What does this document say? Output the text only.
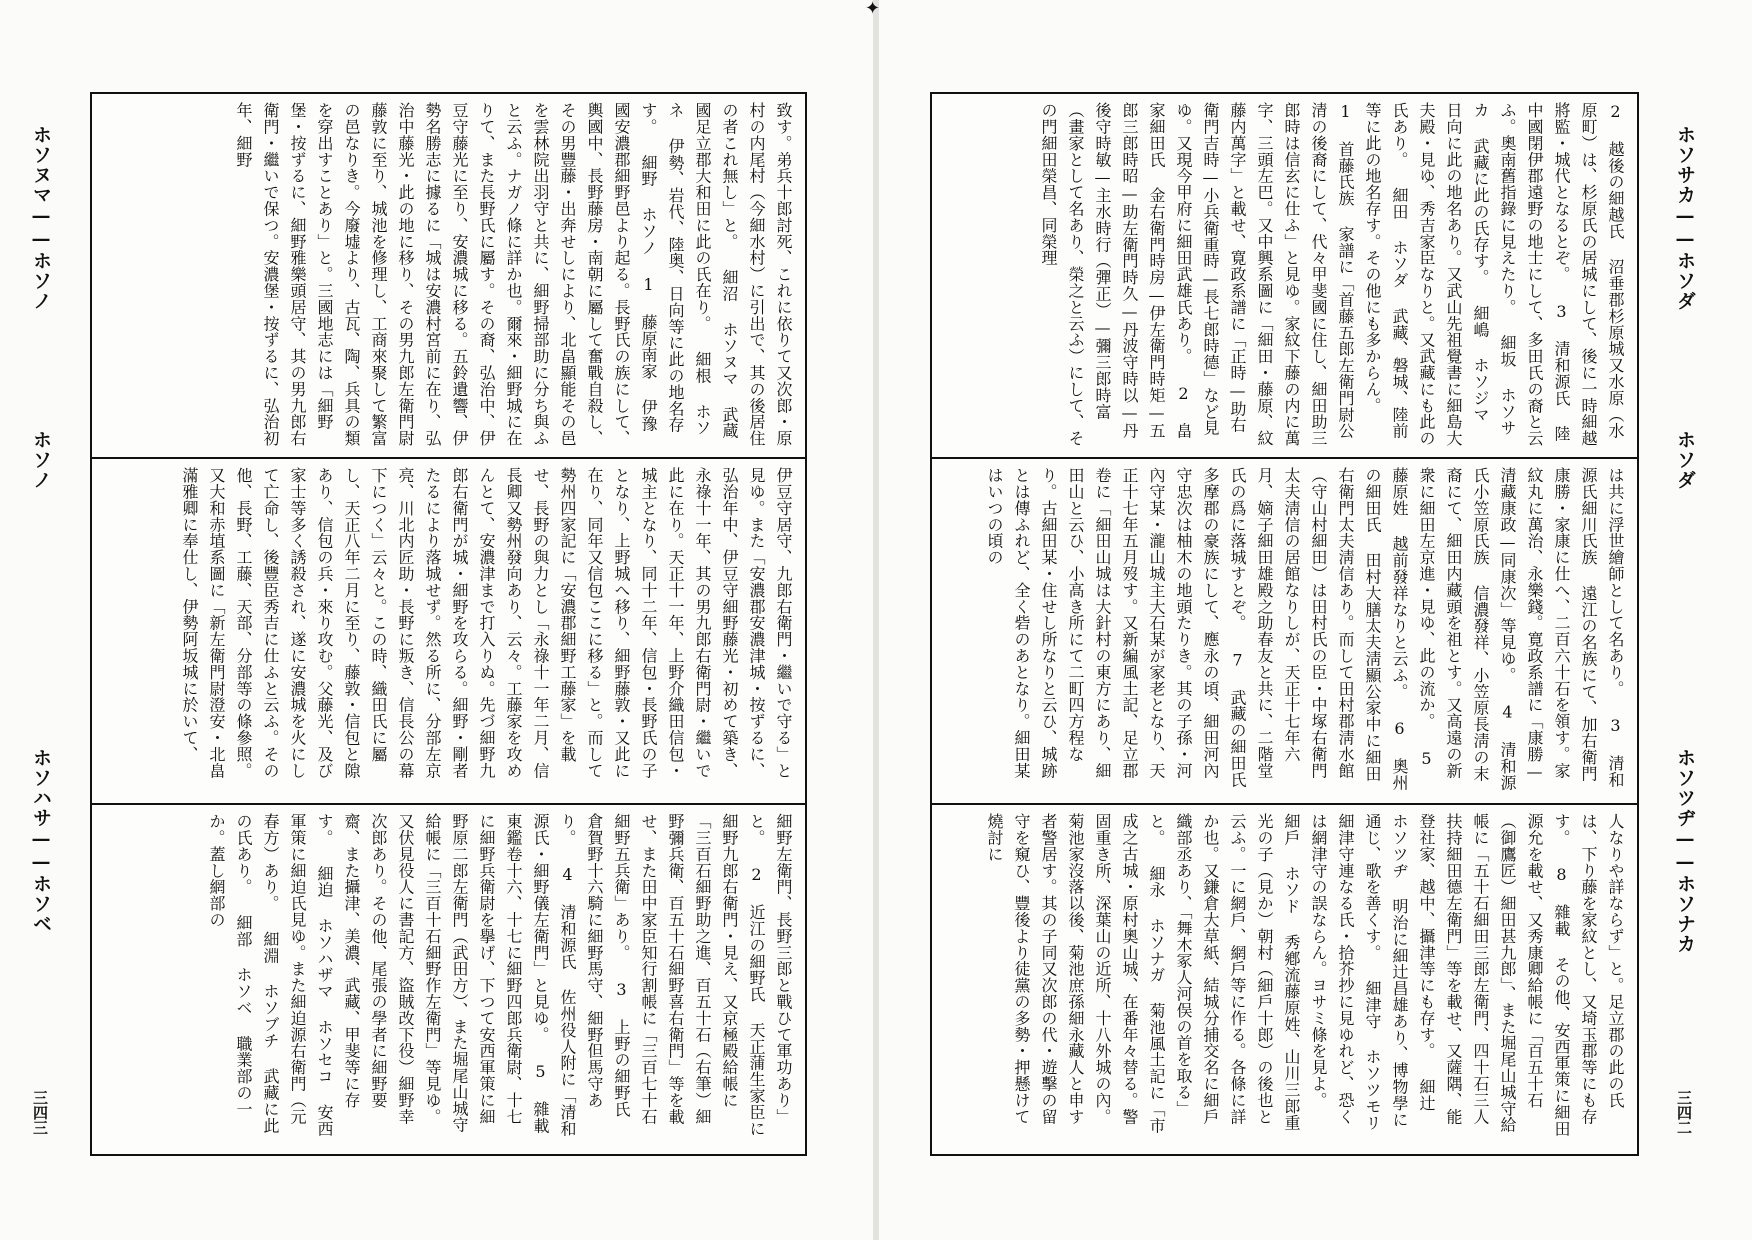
✦
ホソヌマ——ホソノ
ホソノ
ホソハサ——ホソベ
三四三
致す。弟兵十郎討死、これに依りて又次郎・原村の内尾村（今細水村）に引出で、其の後居住の者これ無し」と。 細沼 ホソヌマ 武蔵國足立郡大和田に此の氏在り。 細根 ホソネ 伊勢、岩代、陸奥、日向等に此の地名存す。 細野 ホソノ 1 藤原南家 伊豫國安濃郡細野邑より起る。長野氏の族にして、輿國中、長野藤房・南朝に屬して奮戰自殺し、その男豐藤・出奔せしにより、北畠顯能その邑を雲林院出羽守と共に、細野掃部助に分ち與ふと云ふ。ナガノ條に詳か也。爾來・細野城に在りて、また長野氏に屬す。その裔、弘治中、伊豆守藤光に至り、安濃城に移る。五鈴遺響、伊勢名勝志に據るに「城は安濃村宮前に在り、弘治中藤光・此の地に移り、その男九郎左衛門尉藤敦に至り、城池を修理し、工商來聚して繁富の邑なりき。今廢墟より、古瓦、陶、兵具の類を穿出すことあり」と。三國地志には「細野堡・按ずるに、細野雅樂頭居守、其の男九郎右衛門・繼いで保つ。安濃堡・按ずるに、弘治初年、細野
伊豆守居守、九郎右衛門・繼いで守る」と見ゆ。また「安濃郡安濃津城・按ずるに、弘治年中、伊豆守細野藤光・初めて築き、永祿十一年、其の男九郎右衛門尉・繼いで此に在り。天正十一年、上野介織田信包・城主となり、同十二年、信包・長野氏の子となり、上野城へ移り、細野藤敦・又此に在り、同年又信包ここに移る」と。而して勢州四家記に「安濃郡細野工藤家」を載せ、長野の與力とし「永祿十一年二月、信長卿又勢州發向あり、云々。工藤家を攻めんとて、安濃津まで打入りぬ。先づ細野九郎右衛門が城・細野を攻らる。細野・剛者たるにより落城せず。然る所に、分部左京亮、川北内匠助・長野に叛き、信長公の幕下につく」云々と。この時、織田氏に屬し、天正八年二月に至り、藤敦・信包と隙あり、信包の兵・來り攻む。父藤光、及び家士等多く誘殺され、遂に安濃城を火にして亡命し、後豐臣秀吉に仕ふと云ふ。その他、長野、工藤、天部、分部等の條參照。又大和赤埴系圖に「新左衛門尉澄安・北畠滿雅卿に奉仕し、伊勢阿坂城に於いて、
細野左衛門、長野三郎と戰ひて軍功あり」と。 2 近江の細野氏 天正蒲生家臣に細野九郎右衛門・見え、又京極殿給帳に「三百石細野助之進、百五十石（右筆）細野彌兵衛、百五十石細野喜右衛門」等を載せ、また田中家臣知行割帳に「三百七十石細野五兵衛」あり。 3 上野の細野氏 倉賀野十六騎に細野馬守、細野但馬守あり。 4 清和源氏 佐州役人附に「清和源氏・細野儀左衛門」と見ゆ。 5 雜載 東鑑卷十六、十七に細野四郎兵衛尉、十七に細野兵衛尉を擧げ、下つて安西軍策に細野原二郎左衛門（武田方）、また堀尾山城守給帳に「三百十石細野作左衛門」等見ゆ。又伏見役人に書記方、盜賊改下役）細野幸次郎あり。その他、尾張の學者に細野要齋、また攝津、美濃、武藏、甲斐等に存す。 細迫 ホソハザマ ホソセコ 安西軍策に細迫氏見ゆ。また細迫源右衛門（元春方）あり。 細淵 ホソブチ 武藏に此の氏あり。 細部 ホソベ 職業部の一か。蓋し網部の
2 越後の細越氏 沼垂郡杉原城又水原（水原町）は、杉原氏の居城にして、後に一時細越將監・城代となるとぞ。 3 清和源氏 陸中國閉伊郡遠野の地士にして、多田氏の裔と云ふ。奧南舊指錄に見えたり。 細坂 ホソサカ 武藏に此の氏存す。 細嶋 ホソジマ 日向に此の地名あり。又武山先祖覺書に細島大夫殿・見ゆ、秀吉家臣なりと。又武藏にも此の氏あり。 細田 ホソダ 武藏、磐城、陸前等に此の地名存す。その他にも多からん。 1 首藤氏族 家譜に「首藤五郎左衛門尉公清の後裔にして、代々甲斐國に住し、細田助三郎時は信玄に仕ふ」と見ゆ。家紋下藤の内に萬字、三頭左巴。又中興系圖に「細田・藤原、紋藤内萬字」と載せ、寛政系譜に「正時—助右衛門吉時—小兵衛重時—長七郎時德」など見ゆ。又現今甲府に細田武雄氏あり。 2 畠家細田氏 金右衛門時房—伊左衛門時矩—五郎三郎時昭—助左衛門時久—丹波守時以—丹後守時敏—主水時行（彈正）—彌三郎時富（畫家として名あり、榮之と云ふ）にして、その門細田榮昌、同榮理
は共に浮世繪師として名あり。 3 清和源氏細川氏族 遠江の名族にて、加右衛門康勝・家康に仕へ、二百六十石を領す。家紋丸に萬治、永樂錢。寛政系譜に「康勝—清藏康政—同康次」等見ゆ。 4 清和源氏小笠原氏族 信濃發祥、小笠原長淸の末裔にて、細田内藏頭を祖とす。又高遠の新衆に細田左京進・見ゆ、此の流か。 5 藤原姓 越前發祥なりと云ふ。 6 奧州の細田氏 田村大膳太夫淸顯公家中に細田右衛門太夫淸信あり。而して田村郡淸水館（守山村細田）は田村氏の臣・中塚右衛門太夫淸信の居館なりしが、天正十七年六月、嫡子細田雄殿之助春友と共に、二階堂氏の爲に落城すとぞ。 7 武藏の細田氏 多摩郡の豪族にして、應永の頃、細田河內守忠次は柚木の地頭たりき。其の子孫・河內守某・瀧山城主大石某が家老となり、天正十七年五月歿す。又新編風土記、足立郡卷に「細田山城は大針村の東方にあり、細田山と云ひ、小高き所にて二町四方程なり。古細田某・住せし所なりと云ひ、城跡とは傳ふれど、全く砦のあとなり。細田某はいつの頃の
人なりや詳ならず」と。足立郡の此の氏は、下り藤を家紋とし、又埼玉郡等にも存す。 8 雜載 その他、安西軍策に細田源允を載せ、又秀康卿給帳に「百五十石（御鷹匠）細田甚九郎」、また堀尾山城守給帳に「五十石細田三郎左衛門、四十石三人扶持細田德左衛門」等を載せ、又薩隅、能登社家、越中、攝津等にも存す。 細辻 ホソツヂ 明治に細辻昌雄あり、博物學に通じ、歌を善くす。 細津守 ホソツモリ 細津守連なる氏・拾芥抄に見ゆれど、恐くは網津守の誤ならん。ヨサミ條を見よ。 細戶 ホソド 秀鄕流藤原姓、山川三郎重光の子（見か）朝村（細戶十郎）の後也と云ふ。一に網戶、網戶等に作る。各條に詳か也。又鎌倉大草紙、結城分捕交名に細戶織部丞あり、「舞木冢人河俣の首を取る」と。 細永 ホソナガ 菊池風土記に「市成之古城・原村奧山城、在番年々替る。警固重き所、深葉山の近所、十八外城の內。菊池家沒落以後、菊池庶孫細永藏人と申す者警居す。其の子同又次郎の代・遊擊の留守を窺ひ、豐後より徒黨の多勢・押懸けて燒討に
ホソサカ——ホソダ
ホソダ
ホソツヂ——ホソナカ
三四二
